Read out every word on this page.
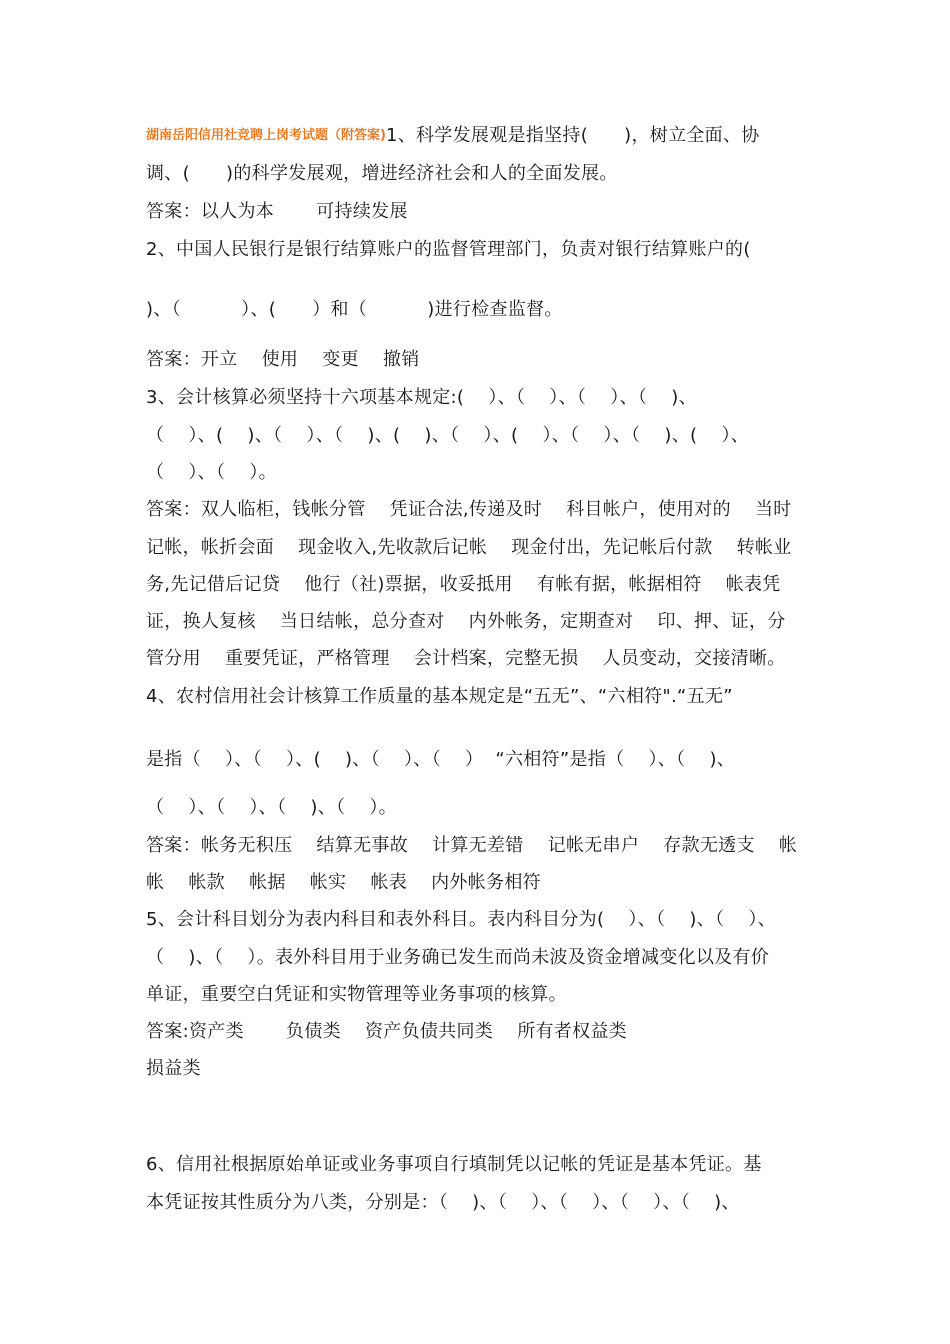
湖南岳阳信用社竞聘上岗考试题（附答案)1、科学发展观是指坚持(      )，树立全面、协
调、(      )的科学发展观，增进经济社会和人的全面发展。
答案：以人为本       可持续发展
2、中国人民银行是银行结算账户的监督管理部门，负责对银行结算账户的(
)、（          ）、(      ）和（          )进行检查监督。
答案：开立    使用    变更    撤销
3、会计核算必须坚持十六项基本规定:(    ）、（    ）、（    ）、（    )、
（    ）、(    )、（    ）、（    )、(    )、（    ）、(    ）、（    ）、（    )、(    ）、
（    ）、（    ）。
答案：双人临柜，钱帐分管    凭证合法,传递及时    科目帐户，使用对的    当时
记帐，帐折会面    现金收入,先收款后记帐    现金付出，先记帐后付款    转帐业
务,先记借后记贷    他行（社)票据，收妥抵用    有帐有据，帐据相符    帐表凭
证，换人复核    当日结帐，总分查对    内外帐务，定期查对    印、押、证，分
管分用    重要凭证，严格管理    会计档案，完整无损    人员变动，交接清晰。
4、农村信用社会计核算工作质量的基本规定是“五无”、“六相符".“五无”
是指（    ）、（    ）、(    )、（    ）、（    ）  “六相符”是指（    ）、（    )、
（    ）、（    ）、（    )、（    ）。
答案：帐务无积压    结算无事故    计算无差错    记帐无串户    存款无透支    帐
帐    帐款    帐据    帐实    帐表    内外帐务相符
5、会计科目划分为表内科目和表外科目。表内科目分为(    ）、（    )、（    ）、
（    )、（    ）。表外科目用于业务确已发生而尚未波及资金增减变化以及有价
单证，重要空白凭证和实物管理等业务事项的核算。
答案:资产类       负债类    资产负债共同类    所有者权益类
损益类
6、信用社根据原始单证或业务事项自行填制凭以记帐的凭证是基本凭证。基
本凭证按其性质分为八类，分别是：（    )、（    ）、（    ）、（    ）、（    )、
